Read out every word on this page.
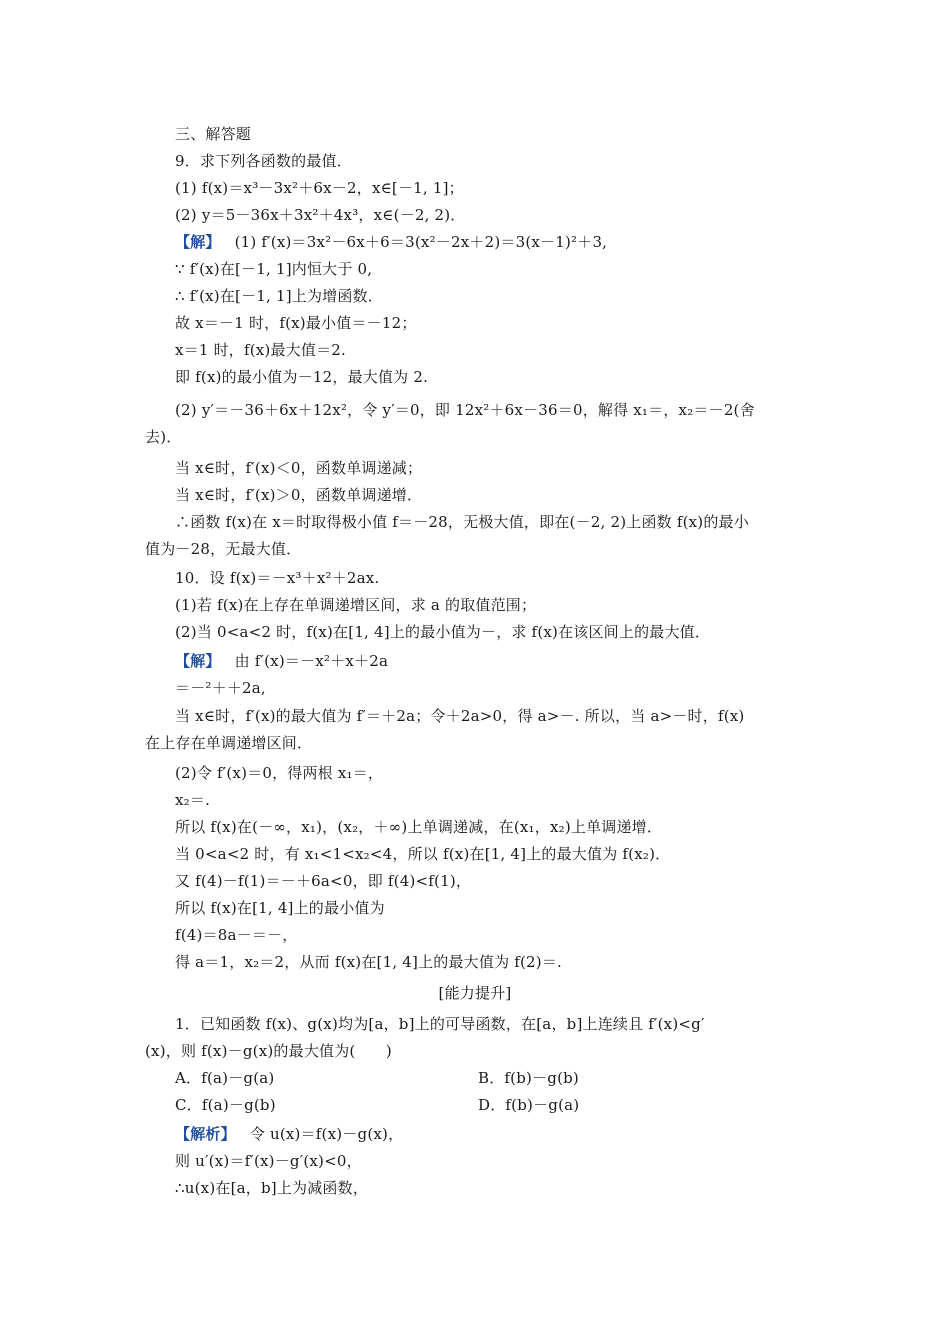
三、解答题
9．求下列各函数的最值．
(1) f(x)＝x³－3x²＋6x－2，x∈[－1, 1]；
(2) y＝5－36x＋3x²＋4x³，x∈(－2, 2)．
【解】 (1) f′(x)＝3x²－6x＋6＝3(x²－2x＋2)＝3(x－1)²＋3,
∵ f′(x)在[－1, 1]内恒大于 0,
∴ f′(x)在[－1, 1]上为增函数．
故 x＝－1 时，f(x)最小值＝－12；
x＝1 时，f(x)最大值＝2.
即 f(x)的最小值为－12，最大值为 2.
(2) y′＝－36＋6x＋12x²，令 y′＝0，即 12x²＋6x－36＝0，解得 x₁＝，x₂＝－2(舍
去)．
当 x∈时，f′(x)＜0，函数单调递减；
当 x∈时，f′(x)＞0，函数单调递增．
∴函数 f(x)在 x＝时取得极小值 f＝－28，无极大值，即在(－2, 2)上函数 f(x)的最小
值为－28，无最大值．
10．设 f(x)＝－x³＋x²＋2ax.
(1)若 f(x)在上存在单调递增区间，求 a 的取值范围；
(2)当 0<a<2 时，f(x)在[1, 4]上的最小值为－，求 f(x)在该区间上的最大值．
【解】 由 f′(x)＝－x²＋x＋2a
＝－²＋＋2a,
当 x∈时，f′(x)的最大值为 f′＝＋2a；令＋2a>0，得 a>－. 所以，当 a>－时，f(x)
在上存在单调递增区间．
(2)令 f′(x)＝0，得两根 x₁＝，
x₂＝.
所以 f(x)在(－∞，x₁)，(x₂，＋∞)上单调递减，在(x₁，x₂)上单调递增．
当 0<a<2 时，有 x₁<1<x₂<4，所以 f(x)在[1, 4]上的最大值为 f(x₂)．
又 f(4)－f(1)＝－＋6a<0，即 f(4)<f(1)，
所以 f(x)在[1, 4]上的最小值为
f(4)＝8a－＝－，
得 a＝1，x₂＝2，从而 f(x)在[1, 4]上的最大值为 f(2)＝.
[能力提升]
1．已知函数 f(x)、g(x)均为[a，b]上的可导函数，在[a，b]上连续且 f′(x)<g′
(x)，则 f(x)－g(x)的最大值为(　　)
A．f(a)－g(a)	B．f(b)－g(b)
C．f(a)－g(b)	D．f(b)－g(a)
【解析】 令 u(x)＝f(x)－g(x)，
则 u′(x)＝f′(x)－g′(x)<0，
∴u(x)在[a，b]上为减函数，
